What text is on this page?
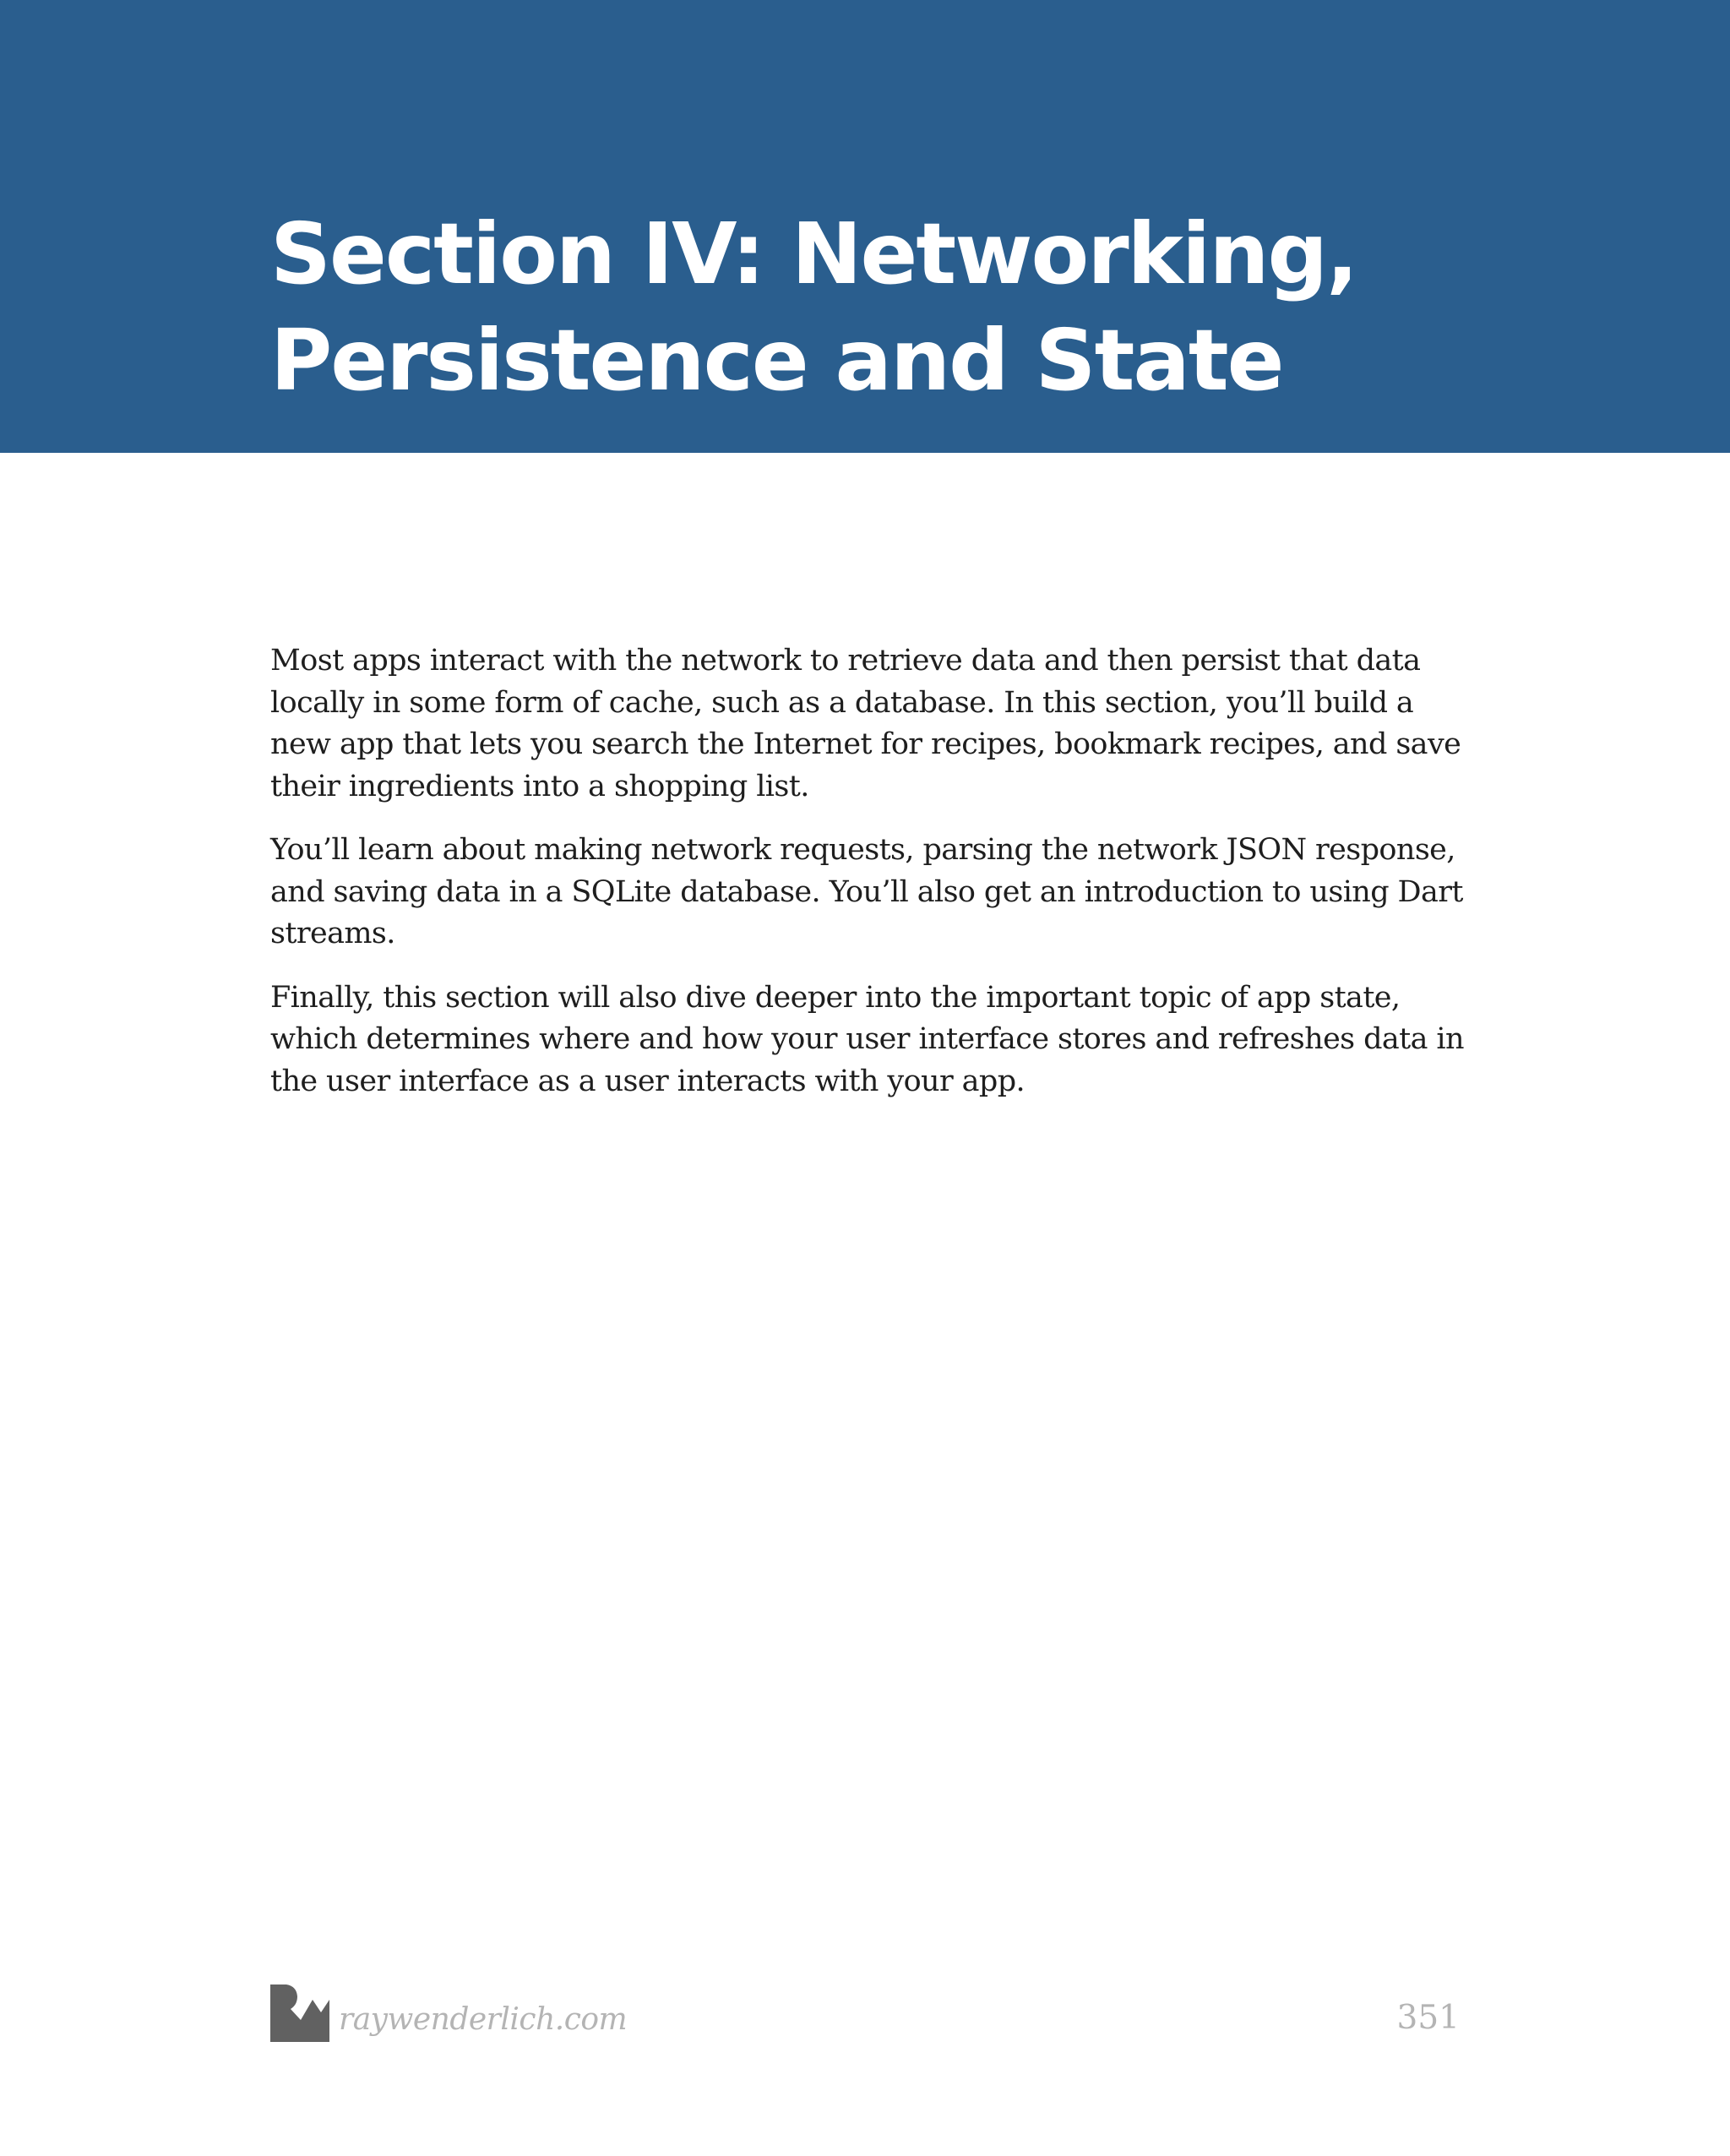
Section IV: Networking,
Persistence and State

Most apps interact with the network to retrieve data and then persist that data locally in some form of cache, such as a database. In this section, you’ll build a new app that lets you search the Internet for recipes, bookmark recipes, and save their ingredients into a shopping list.

You’ll learn about making network requests, parsing the network JSON response, and saving data in a SQLite database. You’ll also get an introduction to using Dart streams.

Finally, this section will also dive deeper into the important topic of app state, which determines where and how your user interface stores and refreshes data in the user interface as a user interacts with your app.

raywenderlich.com	351
